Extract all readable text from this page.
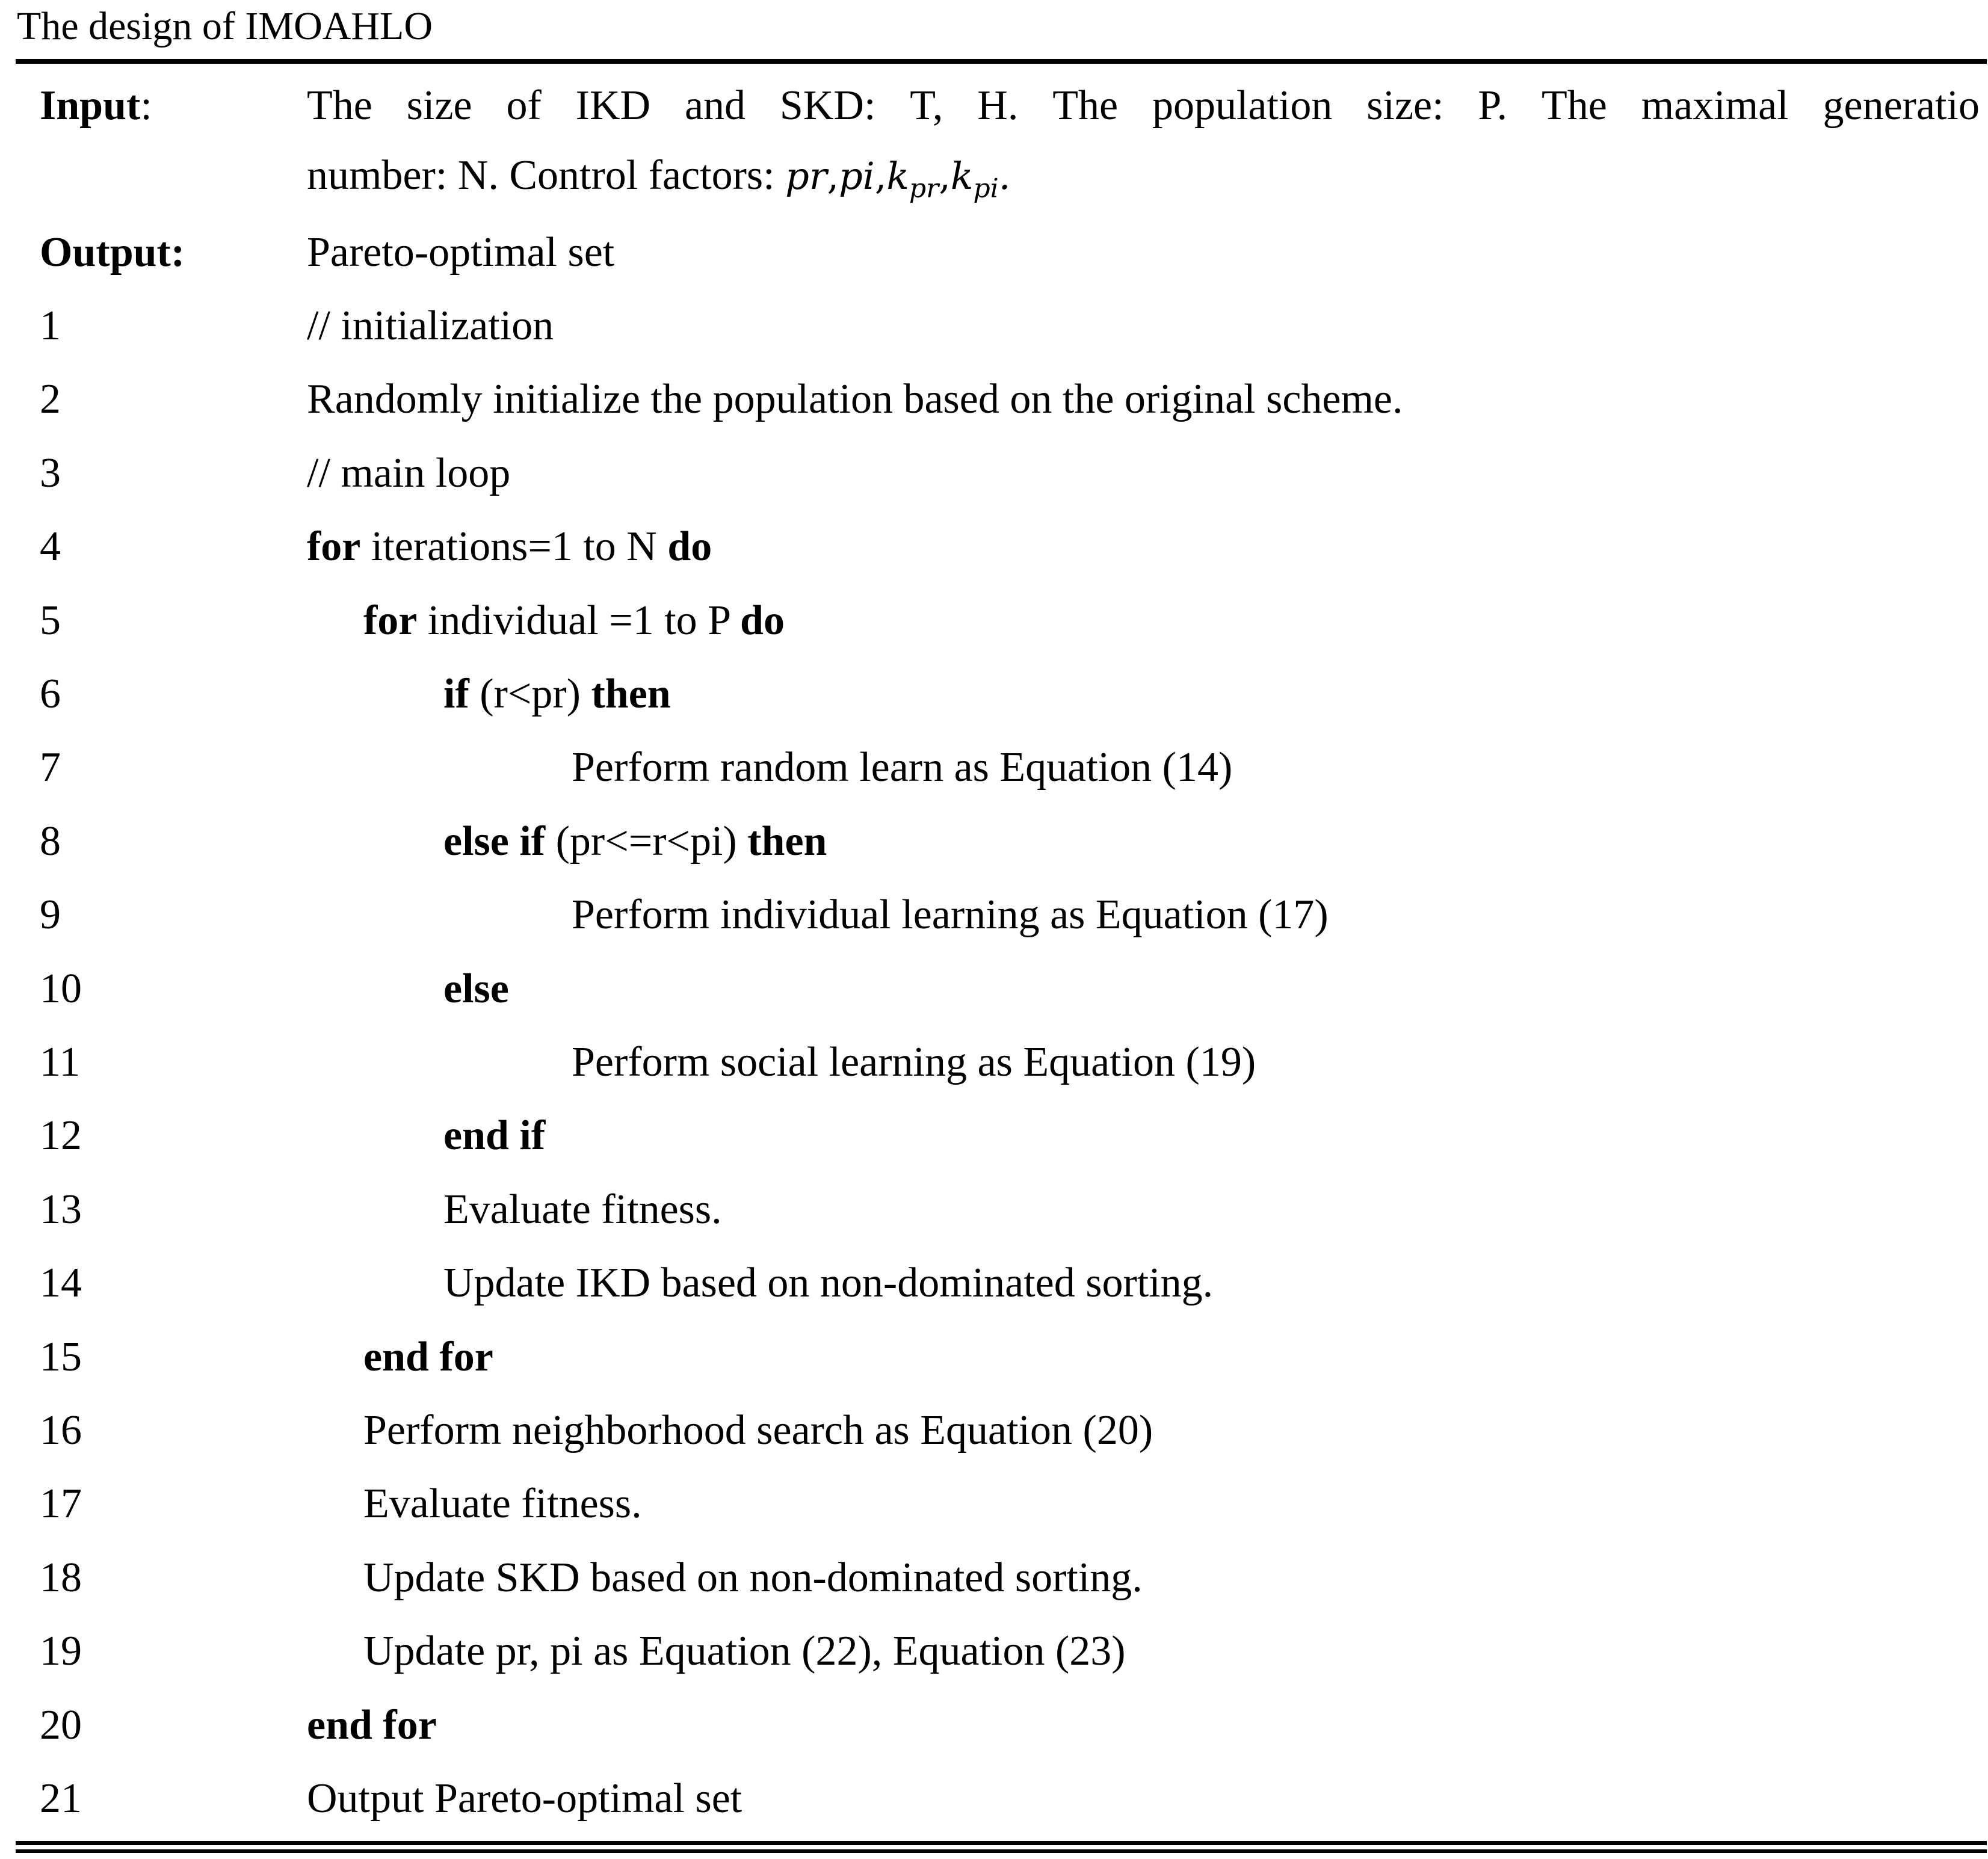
The design of IMOAHLO
Input:	The size of IKD and SKD: T, H. The population size: P. The maximal generatio
number: N. Control factors: $pr,pi,k_{pr},k_{pi}$.
Output:	Pareto-optimal set
1	// initialization
2	Randomly initialize the population based on the original scheme.
3	// main loop
4	for iterations=1 to N do
5	for individual =1 to P do
6	if (r<pr) then
7	Perform random learn as Equation (14)
8	else if (pr<=r<pi) then
9	Perform individual learning as Equation (17)
10	else
11	Perform social learning as Equation (19)
12	end if
13	Evaluate fitness.
14	Update IKD based on non-dominated sorting.
15	end for
16	Perform neighborhood search as Equation (20)
17	Evaluate fitness.
18	Update SKD based on non-dominated sorting.
19	Update pr, pi as Equation (22), Equation (23)
20	end for
21	Output Pareto-optimal set
